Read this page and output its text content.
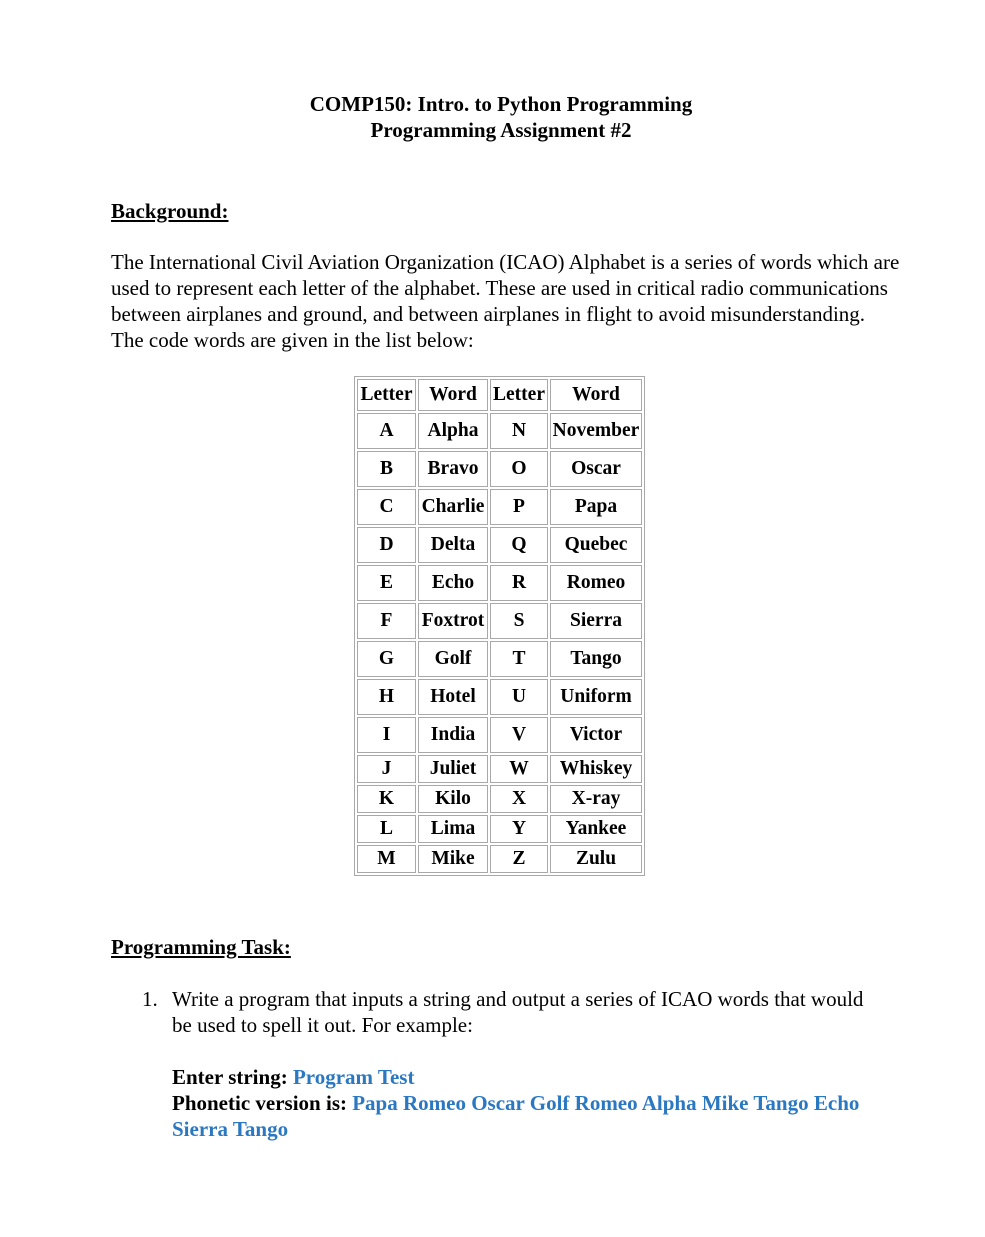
COMP150: Intro. to Python Programming
Programming Assignment #2
Background:
The International Civil Aviation Organization (ICAO) Alphabet is a series of words which are used to represent each letter of the alphabet. These are used in critical radio communications between airplanes and ground, and between airplanes in flight to avoid misunderstanding. The code words are given in the list below:
Letter	Word	Letter	Word
A	Alpha	N	November
B	Bravo	O	Oscar
C	Charlie	P	Papa
D	Delta	Q	Quebec
E	Echo	R	Romeo
F	Foxtrot	S	Sierra
G	Golf	T	Tango
H	Hotel	U	Uniform
I	India	V	Victor
J	Juliet	W	Whiskey
K	Kilo	X	X-ray
L	Lima	Y	Yankee
M	Mike	Z	Zulu
Programming Task:
1. Write a program that inputs a string and output a series of ICAO words that would be used to spell it out. For example:
Enter string: Program Test
Phonetic version is: Papa Romeo Oscar Golf Romeo Alpha Mike Tango Echo Sierra Tango
